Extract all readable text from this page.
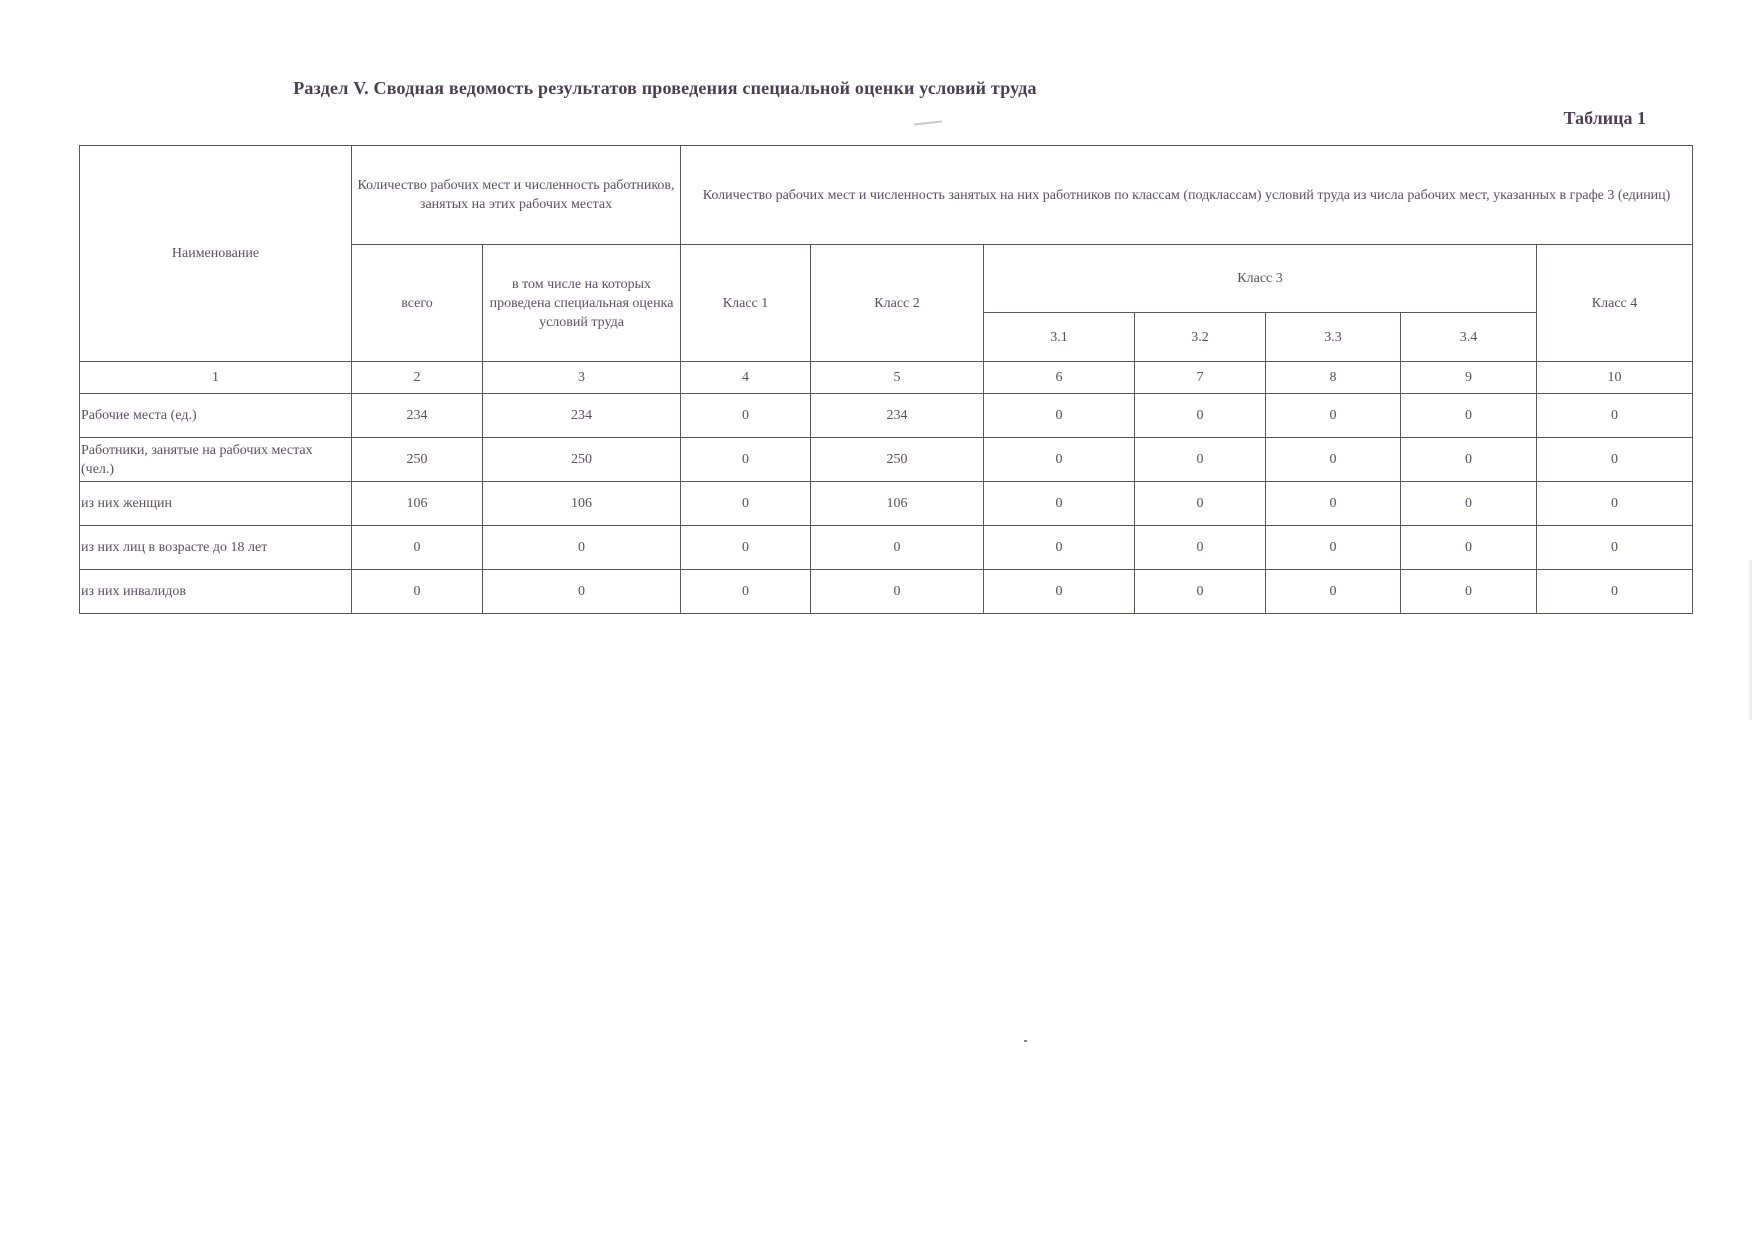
Раздел V. Сводная ведомость результатов проведения специальной оценки условий труда
Таблица 1
Наименование	Количество рабочих мест и численность работников, занятых на этих рабочих местах		Количество рабочих мест и численность занятых на них работников по классам (подклассам) условий труда из числа рабочих мест, указанных в графе 3 (единиц)						
	всего	в том числе на которых проведена специальная оценка условий труда	Класс 1	Класс 2	Класс 3				Класс 4
					3.1	3.2	3.3	3.4	
1	2	3	4	5	6	7	8	9	10
Рабочие места (ед.)	234	234	0	234	0	0	0	0	0
Работники, занятые на рабочих местах (чел.)	250	250	0	250	0	0	0	0	0
из них женщин	106	106	0	106	0	0	0	0	0
из них лиц в возрасте до 18 лет	0	0	0	0	0	0	0	0	0
из них инвалидов	0	0	0	0	0	0	0	0	0
